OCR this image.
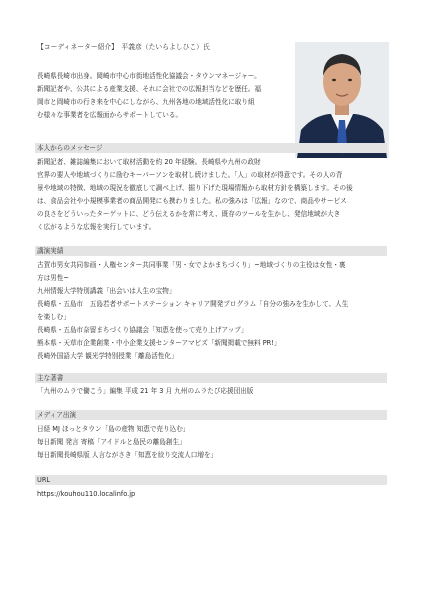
【コーディネーター紹介】　平義彦（たいらよしひこ）氏
長崎県長崎市出身。岡崎市中心市街地活性化協議会・タウンマネージャー。
新聞記者や、公共による産業支援、それに会社での広報担当などを歴任。福
岡市と岡崎市の行き来を中心にしながら、九州各地の地域活性化に取り組
む様々な事業者を広報面からサポートしている。
本人からのメッセージ
新聞記者、雑誌編集において取材活動を約 20 年経験。長崎県や九州の政財
官界の要人や地域づくりに励むキーパーソンを取材し続けました。「人」の取材が得意です。その人の背
景や地域の特徴、地域の現況を徹底して調べ上げ、掘り下げた現場情報から取材方針を構築します。その後
は、食品会社や小規模事業者の商品開発にも携わりました。私の強みは「広報」なので、商品やサービス
の良さをどういったターゲットに、どう伝えるかを常に考え、既存のツールを生かし、発信地域が大き
く広がるような広報を実行しています。
講演実績
古賀市男女共同参画・人権センター共同事業「男・女でよかまちづくり」~地域づくりの主役は女性・裏
方は男性~
九州情報大学特別講義「出会いは人生の宝物」
長崎県・五島市　五島若者サポートステーション キャリア開発プログラム「自分の強みを生かして、人生
を楽しむ」
長崎県・五島市奈留まちづくり協議会「知恵を使って売り上げアップ」
熊本県・天草市企業創業・中小企業支援センターアマビズ「新聞掲載で無料 PR!」
長崎外国語大学 観光学特別授業「離島活性化」
主な著書
「九州のムラで働こう」編集 平成 21 年 3 月 九州のムラたび応援団出版
メディア出演
日経 MJ ほっとタウン「島の産物 知恵で売り込む」
毎日新聞 発言 寄稿「アイドルと島民の離島創生」
毎日新聞長崎県版 人言ながさき「知恵を絞り交流人口増を」
URL
https://kouhou110.localinfo.jp
